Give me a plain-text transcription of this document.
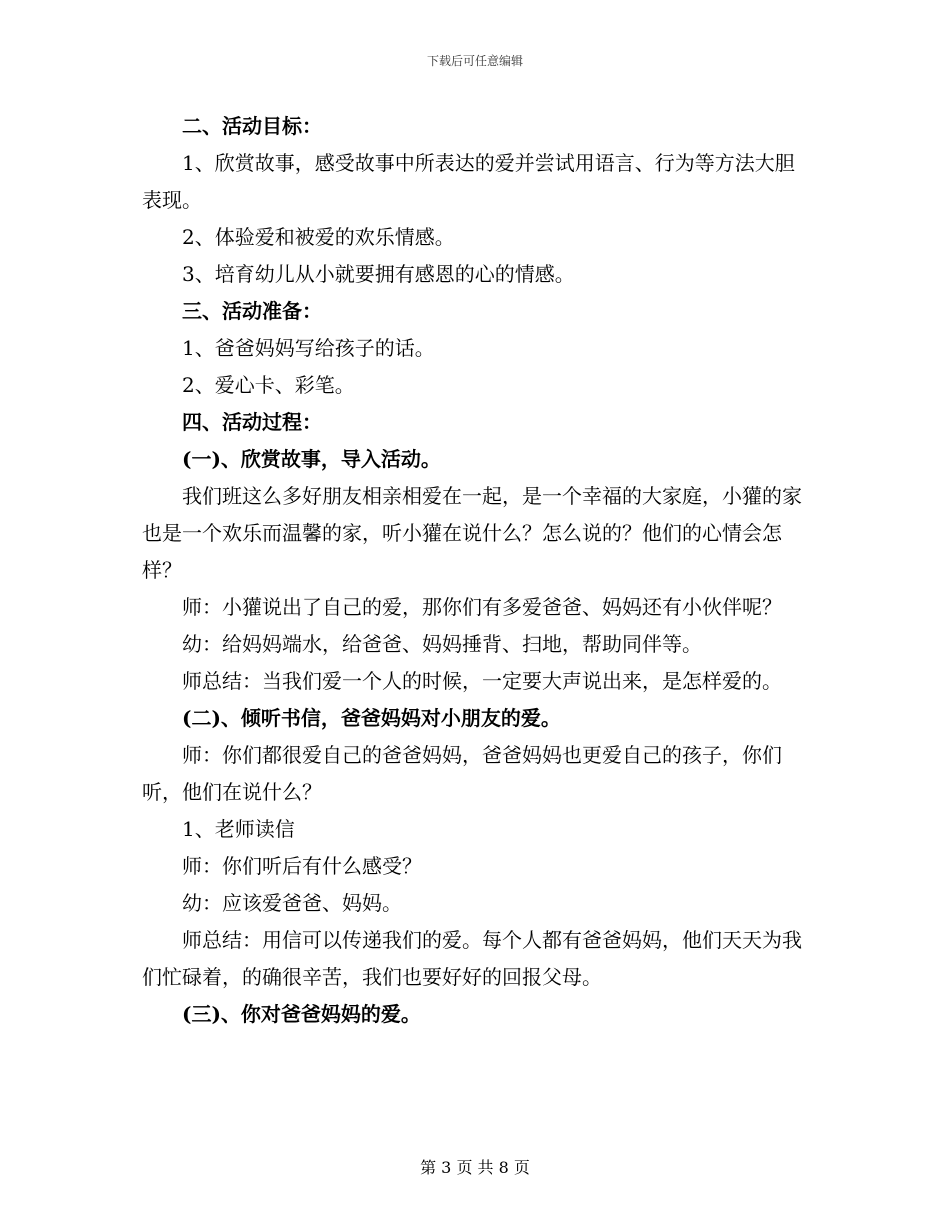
下载后可任意编辑

二、活动目标：

1、欣赏故事，感受故事中所表达的爱并尝试用语言、行为等方法大胆表现。

2、体验爱和被爱的欢乐情感。

3、培育幼儿从小就要拥有感恩的心的情感。

三、活动准备：

1、爸爸妈妈写给孩子的话。

2、爱心卡、彩笔。

四、活动过程：

(一)、欣赏故事，导入活动。

我们班这么多好朋友相亲相爱在一起，是一个幸福的大家庭，小獾的家也是一个欢乐而温馨的家，听小獾在说什么？怎么说的？他们的心情会怎样？

师：小獾说出了自己的爱，那你们有多爱爸爸、妈妈还有小伙伴呢？

幼：给妈妈端水，给爸爸、妈妈捶背、扫地，帮助同伴等。

师总结：当我们爱一个人的时候，一定要大声说出来，是怎样爱的。

(二)、倾听书信，爸爸妈妈对小朋友的爱。

师：你们都很爱自己的爸爸妈妈，爸爸妈妈也更爱自己的孩子，你们听，他们在说什么？

1、老师读信

师：你们听后有什么感受？

幼：应该爱爸爸、妈妈。

师总结：用信可以传递我们的爱。每个人都有爸爸妈妈，他们天天为我们忙碌着，的确很辛苦，我们也要好好的回报父母。

(三)、你对爸爸妈妈的爱。

第 3 页 共 8 页
